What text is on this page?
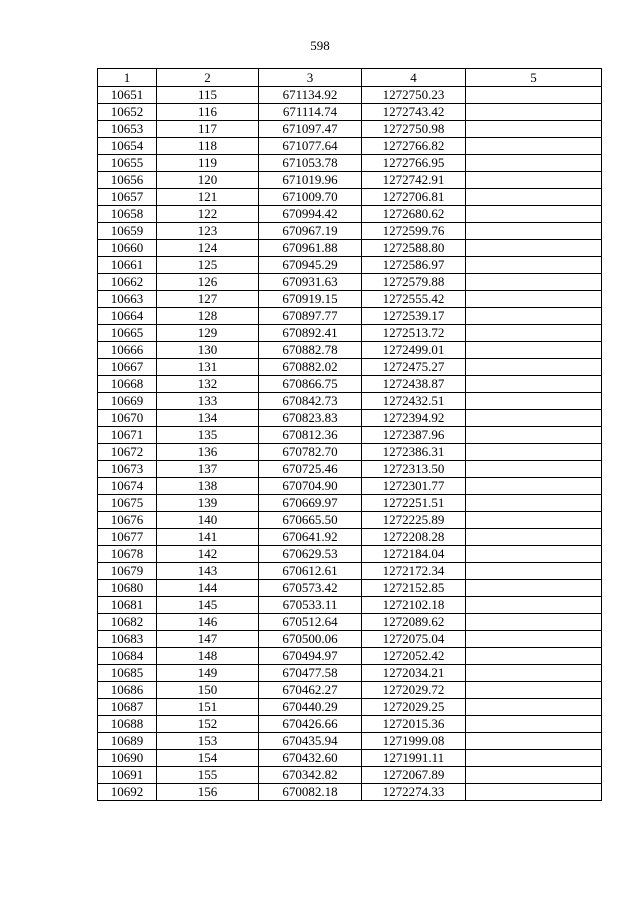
598
1	2	3	4	5
10651	115	671134.92	1272750.23	
10652	116	671114.74	1272743.42	
10653	117	671097.47	1272750.98	
10654	118	671077.64	1272766.82	
10655	119	671053.78	1272766.95	
10656	120	671019.96	1272742.91	
10657	121	671009.70	1272706.81	
10658	122	670994.42	1272680.62	
10659	123	670967.19	1272599.76	
10660	124	670961.88	1272588.80	
10661	125	670945.29	1272586.97	
10662	126	670931.63	1272579.88	
10663	127	670919.15	1272555.42	
10664	128	670897.77	1272539.17	
10665	129	670892.41	1272513.72	
10666	130	670882.78	1272499.01	
10667	131	670882.02	1272475.27	
10668	132	670866.75	1272438.87	
10669	133	670842.73	1272432.51	
10670	134	670823.83	1272394.92	
10671	135	670812.36	1272387.96	
10672	136	670782.70	1272386.31	
10673	137	670725.46	1272313.50	
10674	138	670704.90	1272301.77	
10675	139	670669.97	1272251.51	
10676	140	670665.50	1272225.89	
10677	141	670641.92	1272208.28	
10678	142	670629.53	1272184.04	
10679	143	670612.61	1272172.34	
10680	144	670573.42	1272152.85	
10681	145	670533.11	1272102.18	
10682	146	670512.64	1272089.62	
10683	147	670500.06	1272075.04	
10684	148	670494.97	1272052.42	
10685	149	670477.58	1272034.21	
10686	150	670462.27	1272029.72	
10687	151	670440.29	1272029.25	
10688	152	670426.66	1272015.36	
10689	153	670435.94	1271999.08	
10690	154	670432.60	1271991.11	
10691	155	670342.82	1272067.89	
10692	156	670082.18	1272274.33	
